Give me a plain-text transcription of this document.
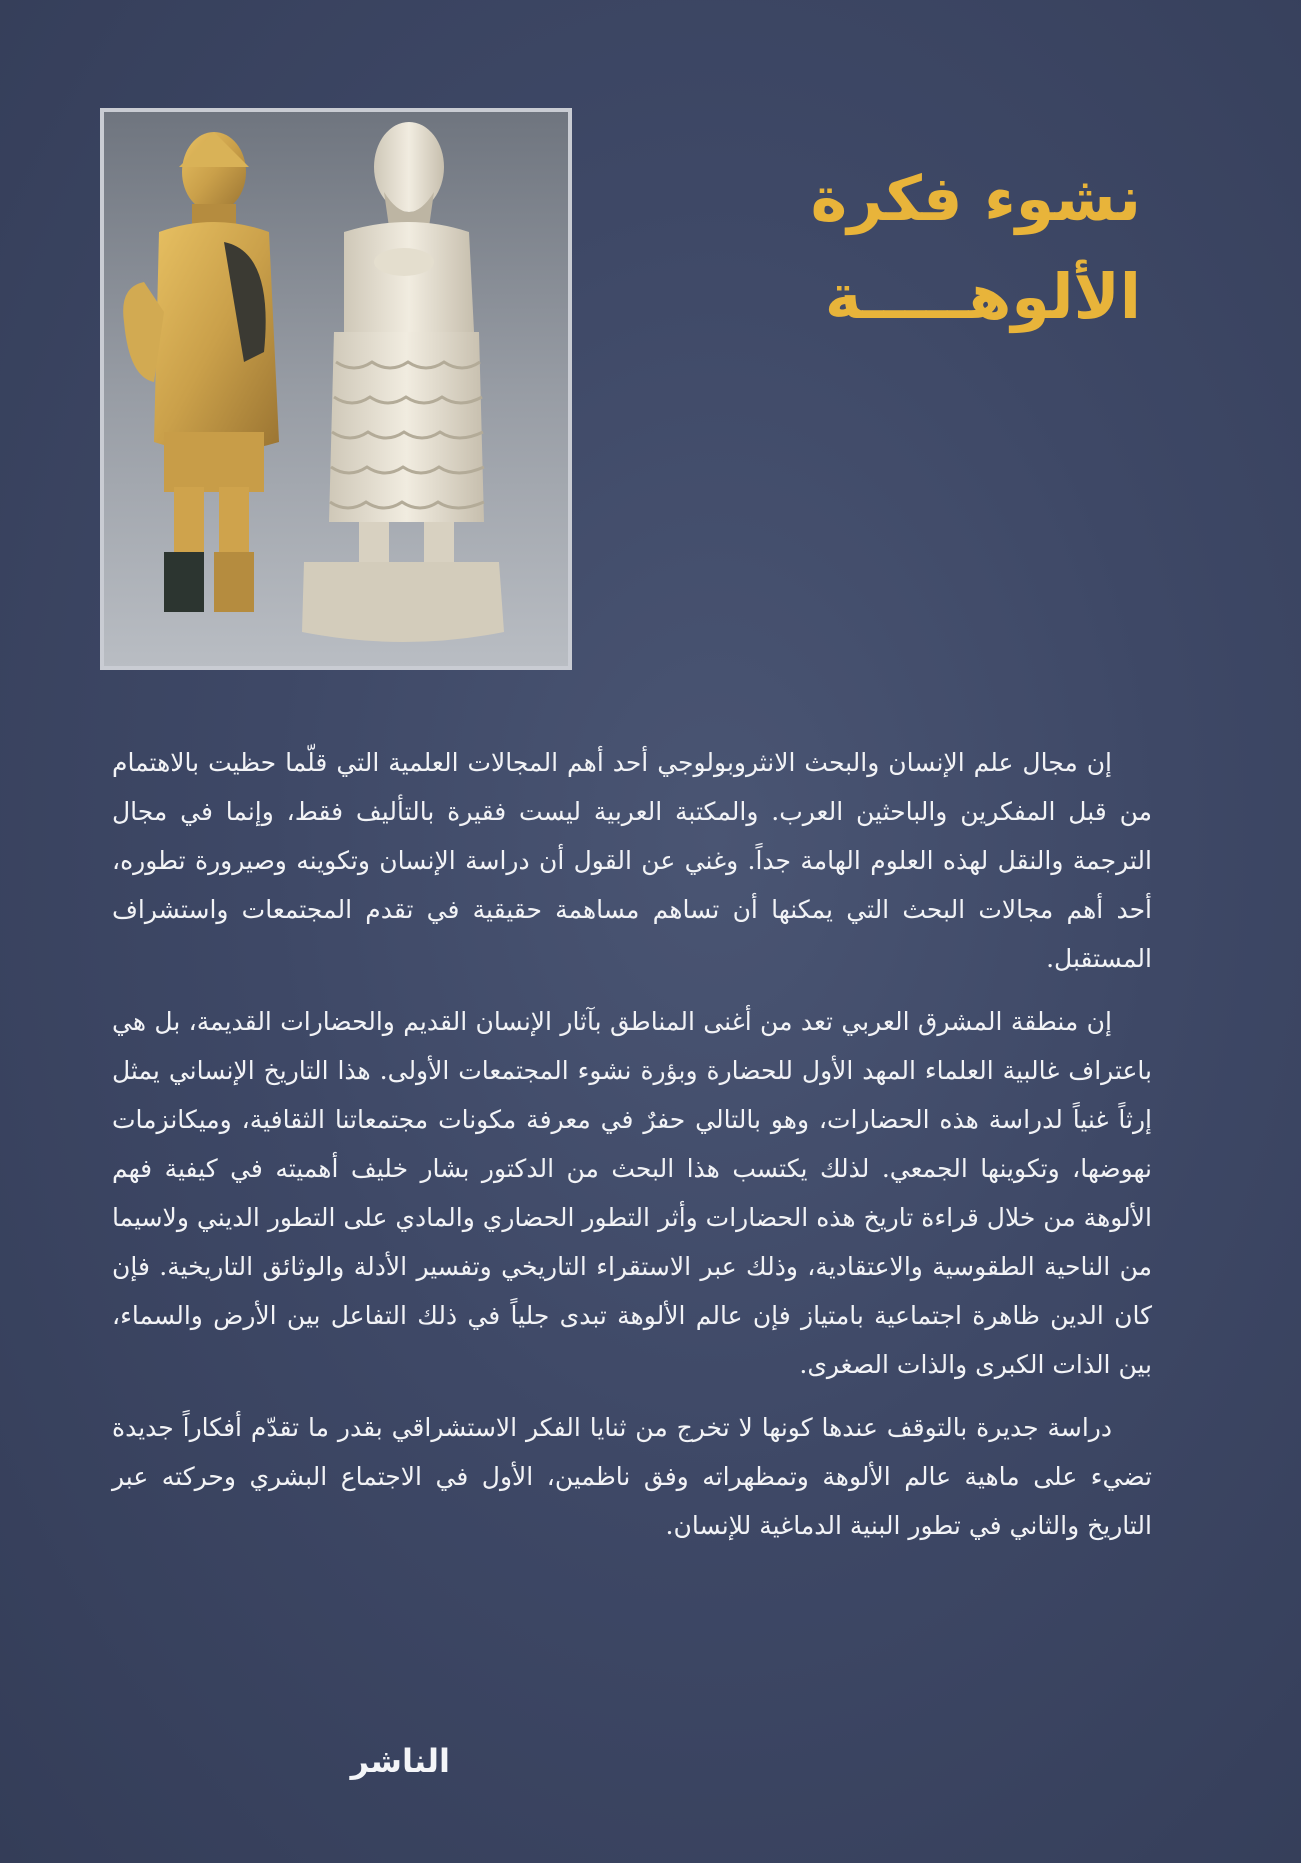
نشوء فكرة
الألوهـــــة

إن مجال علم الإنسان والبحث الانثروبولوجي أحد أهم المجالات العلمية التي قلّما حظيت بالاهتمام من قبل المفكرين والباحثين العرب. والمكتبة العربية ليست فقيرة بالتأليف فقط، وإنما في مجال الترجمة والنقل لهذه العلوم الهامة جداً. وغني عن القول أن دراسة الإنسان وتكوينه وصيرورة تطوره، أحد أهم مجالات البحث التي يمكنها أن تساهم مساهمة حقيقية في تقدم المجتمعات واستشراف المستقبل.

إن منطقة المشرق العربي تعد من أغنى المناطق بآثار الإنسان القديم والحضارات القديمة، بل هي باعتراف غالبية العلماء المهد الأول للحضارة وبؤرة نشوء المجتمعات الأولى. هذا التاريخ الإنساني يمثل إرثاً غنياً لدراسة هذه الحضارات، وهو بالتالي حفرٌ في معرفة مكونات مجتمعاتنا الثقافية، وميكانزمات نهوضها، وتكوينها الجمعي. لذلك يكتسب هذا البحث من الدكتور بشار خليف أهميته في كيفية فهم الألوهة من خلال قراءة تاريخ هذه الحضارات وأثر التطور الحضاري والمادي على التطور الديني ولاسيما من الناحية الطقوسية والاعتقادية، وذلك عبر الاستقراء التاريخي وتفسير الأدلة والوثائق التاريخية. فإن كان الدين ظاهرة اجتماعية بامتياز فإن عالم الألوهة تبدى جلياً في ذلك التفاعل بين الأرض والسماء، بين الذات الكبرى والذات الصغرى.

دراسة جديرة بالتوقف عندها كونها لا تخرج من ثنايا الفكر الاستشراقي بقدر ما تقدّم أفكاراً جديدة تضيء على ماهية عالم الألوهة وتمظهراته وفق ناظمين، الأول في الاجتماع البشري وحركته عبر التاريخ والثاني في تطور البنية الدماغية للإنسان.

الناشر
